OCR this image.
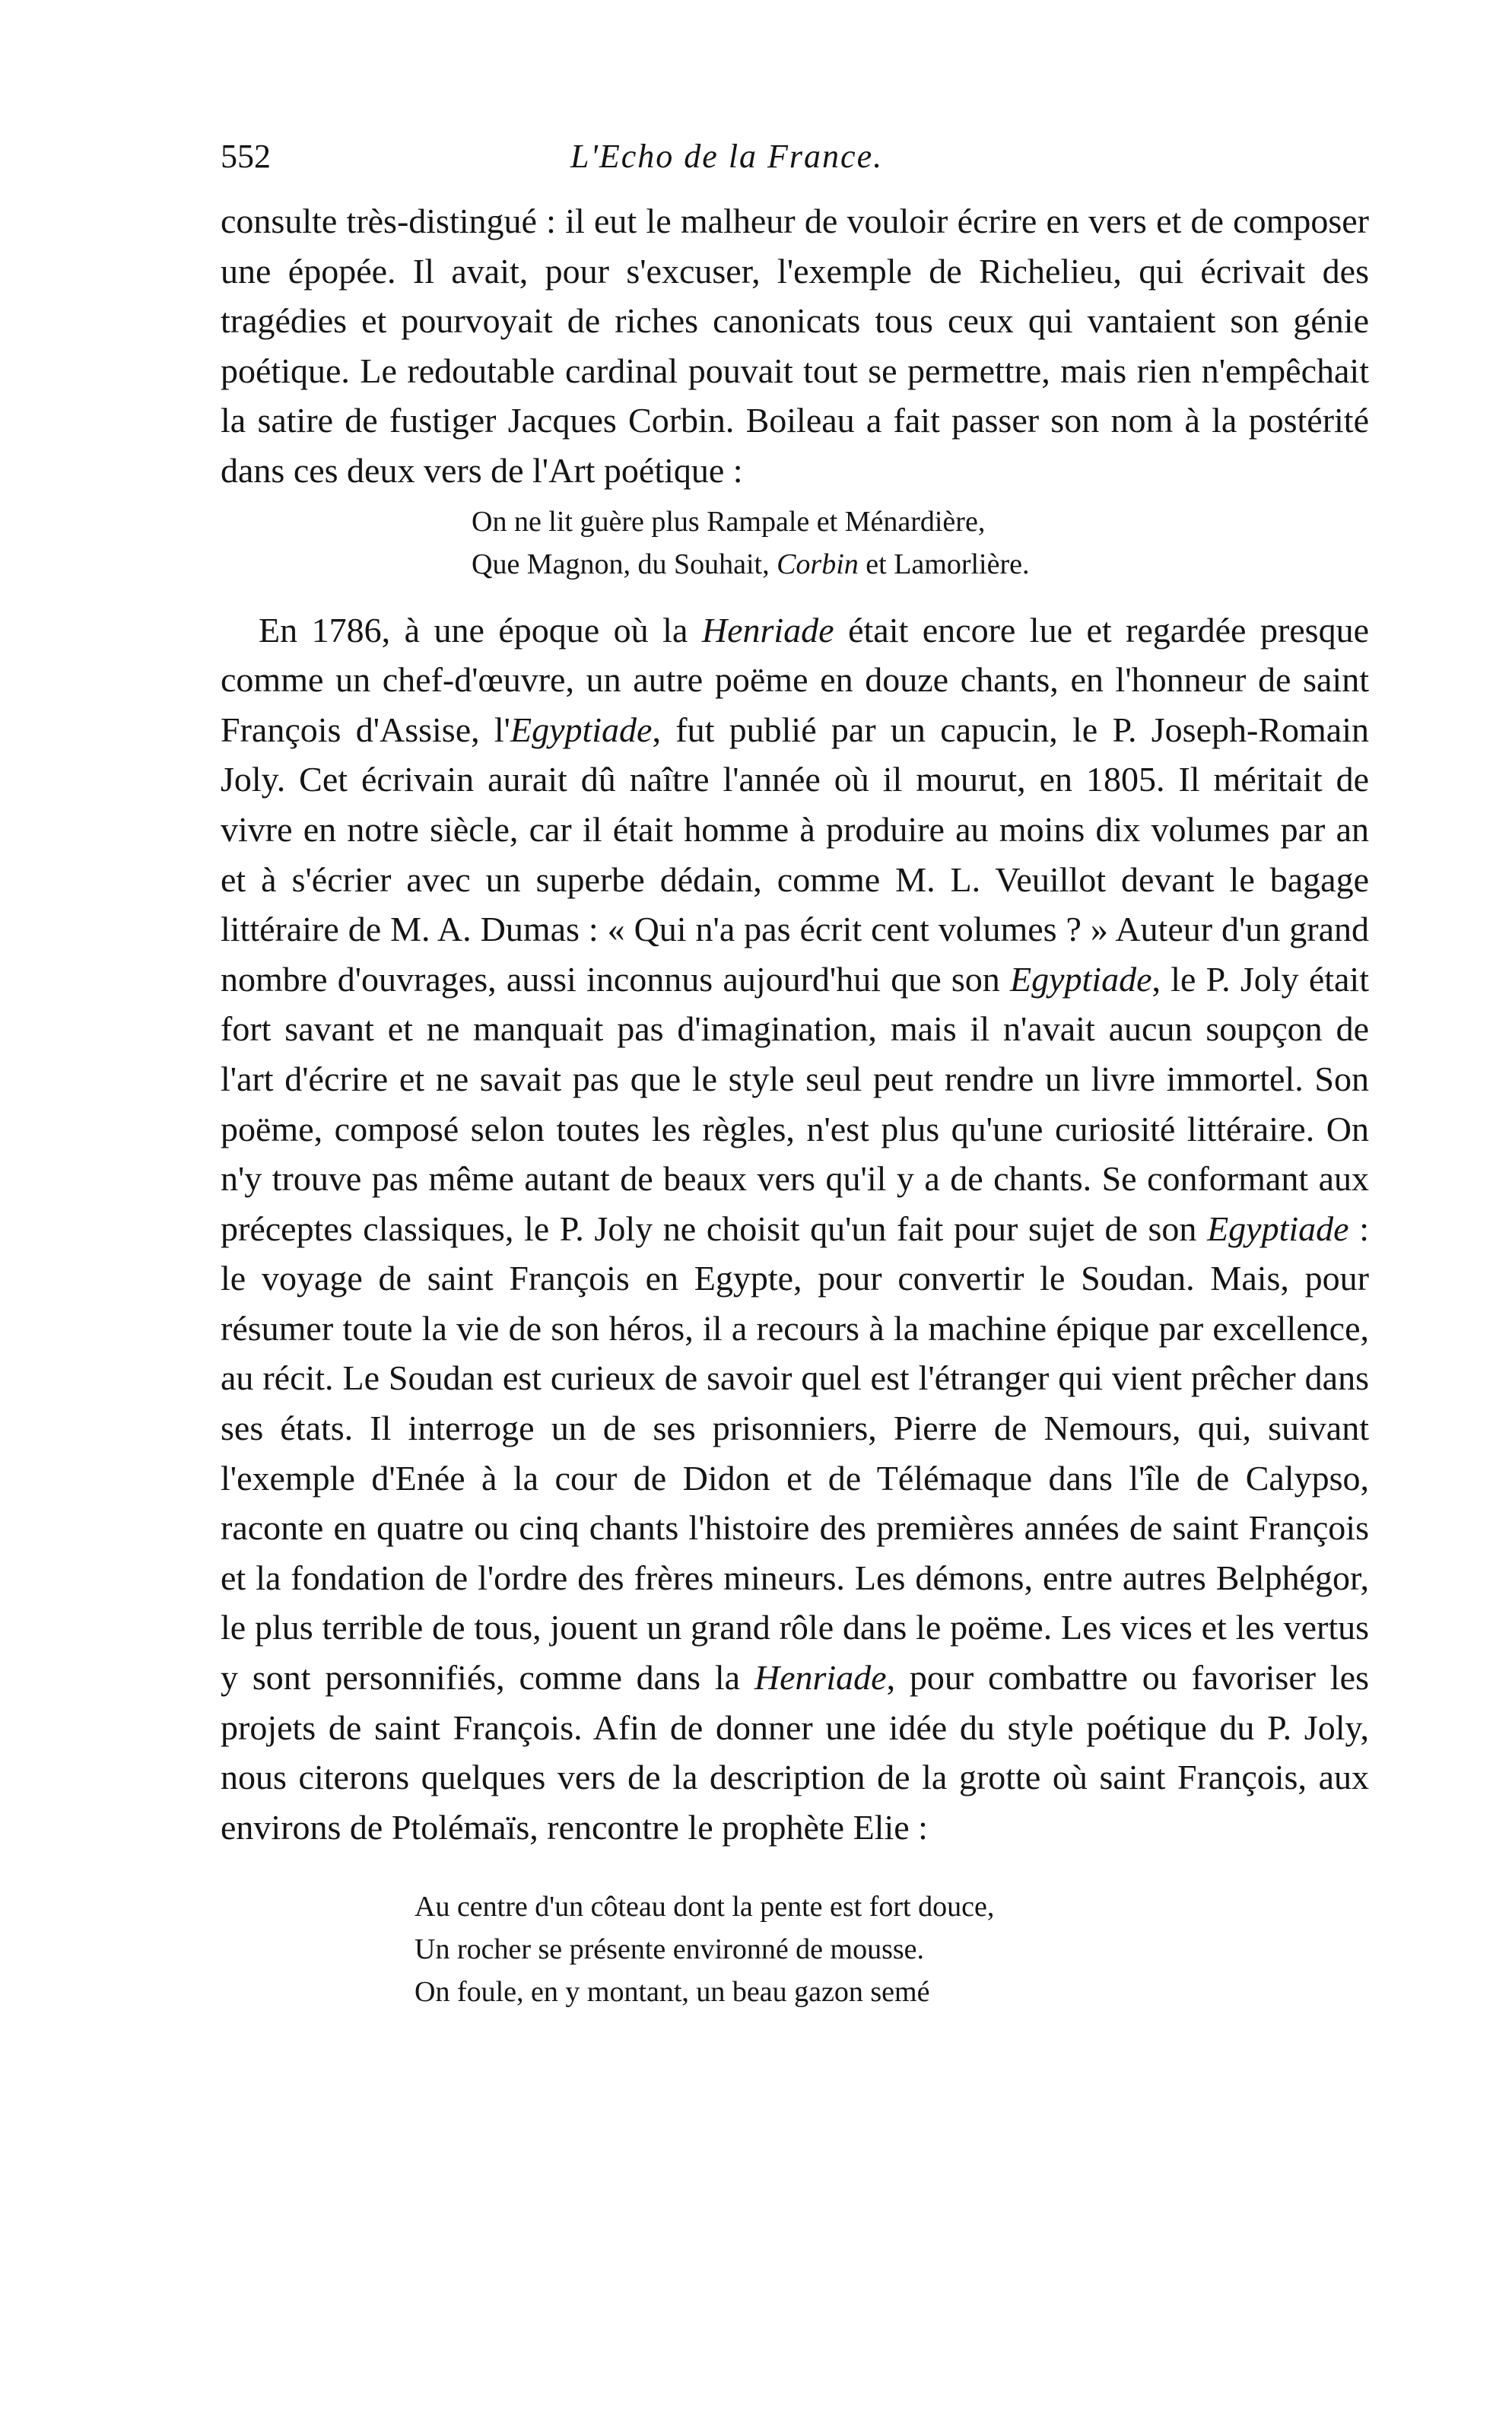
552	L'Echo de la France.

consulte très-distingué : il eut le malheur de vouloir écrire en vers et de composer une épopée. Il avait, pour s'excuser, l'exemple de Richelieu, qui écrivait des tragédies et pourvoyait de riches canonicats tous ceux qui vantaient son génie poétique. Le redoutable cardinal pouvait tout se permettre, mais rien n'empêchait la satire de fustiger Jacques Corbin. Boileau a fait passer son nom à la postérité dans ces deux vers de l'Art poétique :

On ne lit guère plus Rampale et Ménardière,
Que Magnon, du Souhait, Corbin et Lamorlière.

En 1786, à une époque où la Henriade était encore lue et regardée presque comme un chef-d'œuvre, un autre poëme en douze chants, en l'honneur de saint François d'Assise, l'Egyptiade, fut publié par un capucin, le P. Joseph-Romain Joly. Cet écrivain aurait dû naître l'année où il mourut, en 1805. Il méritait de vivre en notre siècle, car il était homme à produire au moins dix volumes par an et à s'écrier avec un superbe dédain, comme M. L. Veuillot devant le bagage littéraire de M. A. Dumas : « Qui n'a pas écrit cent volumes ? » Auteur d'un grand nombre d'ouvrages, aussi inconnus aujourd'hui que son Egyptiade, le P. Joly était fort savant et ne manquait pas d'imagination, mais il n'avait aucun soupçon de l'art d'écrire et ne savait pas que le style seul peut rendre un livre immortel. Son poëme, composé selon toutes les règles, n'est plus qu'une curiosité littéraire. On n'y trouve pas même autant de beaux vers qu'il y a de chants. Se conformant aux préceptes classiques, le P. Joly ne choisit qu'un fait pour sujet de son Egyptiade : le voyage de saint François en Egypte, pour convertir le Soudan. Mais, pour résumer toute la vie de son héros, il a recours à la machine épique par excellence, au récit. Le Soudan est curieux de savoir quel est l'étranger qui vient prêcher dans ses états. Il interroge un de ses prisonniers, Pierre de Nemours, qui, suivant l'exemple d'Enée à la cour de Didon et de Télémaque dans l'île de Calypso, raconte en quatre ou cinq chants l'histoire des premières années de saint François et la fondation de l'ordre des frères mineurs. Les démons, entre autres Belphégor, le plus terrible de tous, jouent un grand rôle dans le poëme. Les vices et les vertus y sont personnifiés, comme dans la Henriade, pour combattre ou favoriser les projets de saint François. Afin de donner une idée du style poétique du P. Joly, nous citerons quelques vers de la description de la grotte où saint François, aux environs de Ptolémaïs, rencontre le prophète Elie :

Au centre d'un côteau dont la pente est fort douce,
Un rocher se présente environné de mousse.
On foule, en y montant, un beau gazon semé
